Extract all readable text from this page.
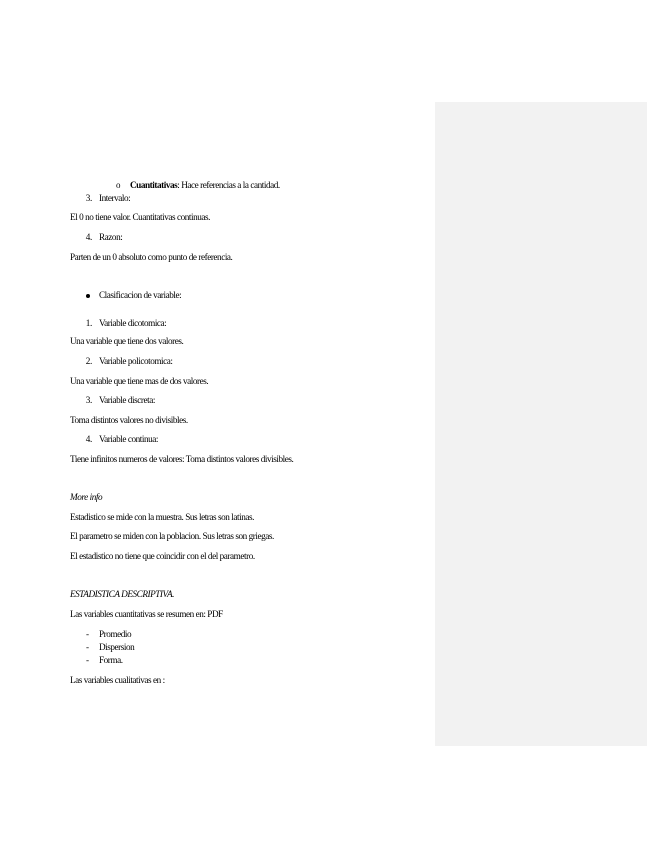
o Cuantitativas: Hace referencias a la cantidad.
3. Intervalo:
El 0 no tiene valor. Cuantitativas continuas.
4. Razon:
Parten de un 0 absoluto como punto de referencia.
Clasificacion de variable:
1. Variable dicotomica:
Una variable que tiene dos valores.
2. Variable policotomica:
Una variable que tiene mas de dos valores.
3. Variable discreta:
Toma distintos valores no divisibles.
4. Variable continua:
Tiene infinitos numeros de valores: Toma distintos valores divisibles.
More info
Estadistico se mide con la muestra. Sus letras son latinas.
El parametro se miden con la poblacion. Sus letras son griegas.
El estadistico no tiene que coincidir con el del parametro.
ESTADISTICA DESCRIPTIVA.
Las variables cuantitativas se resumen en: PDF
- Promedio
- Dispersion
- Forma.
Las variables cualitativas en :
